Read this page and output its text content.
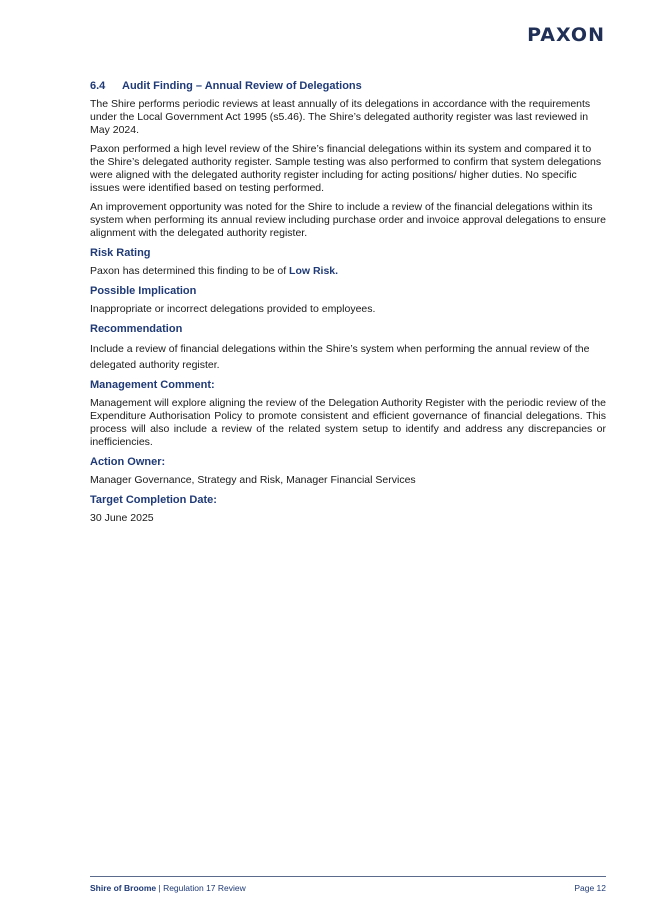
PAXON
6.4	Audit Finding – Annual Review of Delegations

The Shire performs periodic reviews at least annually of its delegations in accordance with the requirements under the Local Government Act 1995 (s5.46). The Shire’s delegated authority register was last reviewed in May 2024.

Paxon performed a high level review of the Shire’s financial delegations within its system and compared it to the Shire’s delegated authority register. Sample testing was also performed to confirm that system delegations were aligned with the delegated authority register including for acting positions/ higher duties. No specific issues were identified based on testing performed.

An improvement opportunity was noted for the Shire to include a review of the financial delegations within its system when performing its annual review including purchase order and invoice approval delegations to ensure alignment with the delegated authority register.

Risk Rating

Paxon has determined this finding to be of Low Risk.

Possible Implication

Inappropriate or incorrect delegations provided to employees.

Recommendation

Include a review of financial delegations within the Shire’s system when performing the annual review of the delegated authority register.

Management Comment:

Management will explore aligning the review of the Delegation Authority Register with the periodic review of the Expenditure Authorisation Policy to promote consistent and efficient governance of financial delegations. This process will also include a review of the related system setup to identify and address any discrepancies or inefficiencies.

Action Owner:

Manager Governance, Strategy and Risk, Manager Financial Services

Target Completion Date:

30 June 2025

Shire of Broome | Regulation 17 Review	Page 12
